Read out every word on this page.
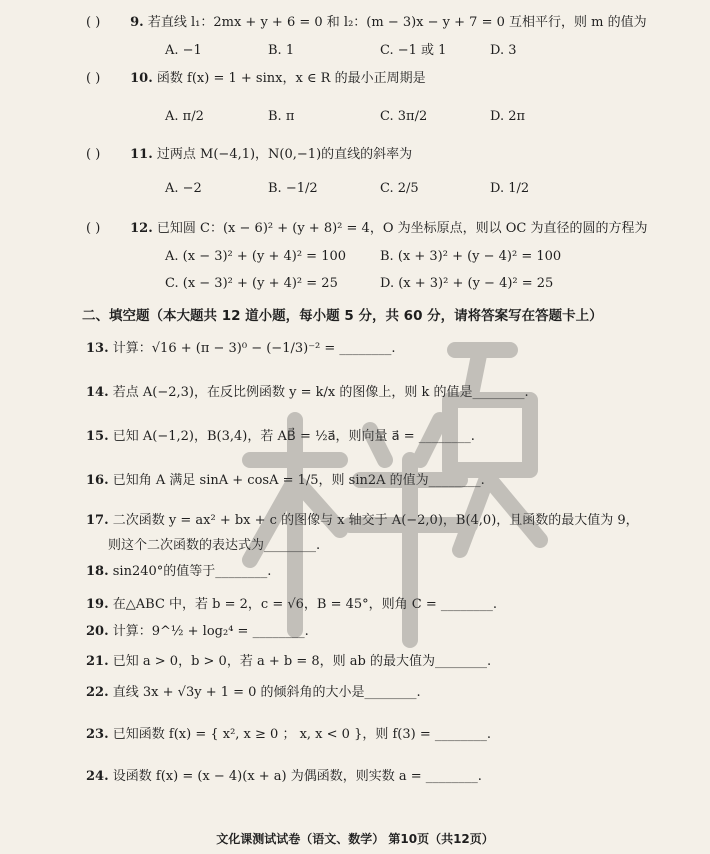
( ) 9. 若直线 l₁：2mx + y + 6 = 0 和 l₂：(m − 3)x − y + 7 = 0 互相平行，则 m 的值为
A. −1	B. 1	C. −1 或 1	D. 3
( ) 10. 函数 f(x) = 1 + sinx，x ∈ R 的最小正周期是
A. π/2	B. π	C. 3π/2	D. 2π
( ) 11. 过两点 M(−4,1)，N(0,−1)的直线的斜率为
A. −2	B. −1/2	C. 2/5	D. 1/2
( ) 12. 已知圆 C：(x − 6)² + (y + 8)² = 4，O 为坐标原点，则以 OC 为直径的圆的方程为
A. (x − 3)² + (y + 4)² = 100	B. (x + 3)² + (y − 4)² = 100
C. (x − 3)² + (y + 4)² = 25	D. (x + 3)² + (y − 4)² = 25
二、填空题（本大题共 12 道小题，每小题 5 分，共 60 分，请将答案写在答题卡上）
13. 计算：√16 + (π − 3)⁰ − (−1/3)⁻² = ________.
14. 若点 A(−2,3)，在反比例函数 y = k/x 的图像上，则 k 的值是________.
15. 已知 A(−1,2)，B(3,4)，若 AB⃗ = ½a⃗，则向量 a⃗ = ________.
16. 已知角 A 满足 sinA + cosA = 1/5，则 sin2A 的值为________.
17. 二次函数 y = ax² + bx + c 的图像与 x 轴交于 A(−2,0)，B(4,0)，且函数的最大值为 9，
则这个二次函数的表达式为________.
18. sin240°的值等于________.
19. 在△ABC 中，若 b = 2，c = √6，B = 45°，则角 C = ________.
20. 计算：9^½ + log₂⁴ = ________.
21. 已知 a > 0，b > 0，若 a + b = 8，则 ab 的最大值为________.
22. 直线 3x + √3y + 1 = 0 的倾斜角的大小是________.
23. 已知函数 f(x) = { x², x ≥ 0 ； x, x < 0 }，则 f(3) = ________.
24. 设函数 f(x) = (x − 4)(x + a) 为偶函数，则实数 a = ________.
文化课测试试卷（语文、数学） 第10页（共12页）
